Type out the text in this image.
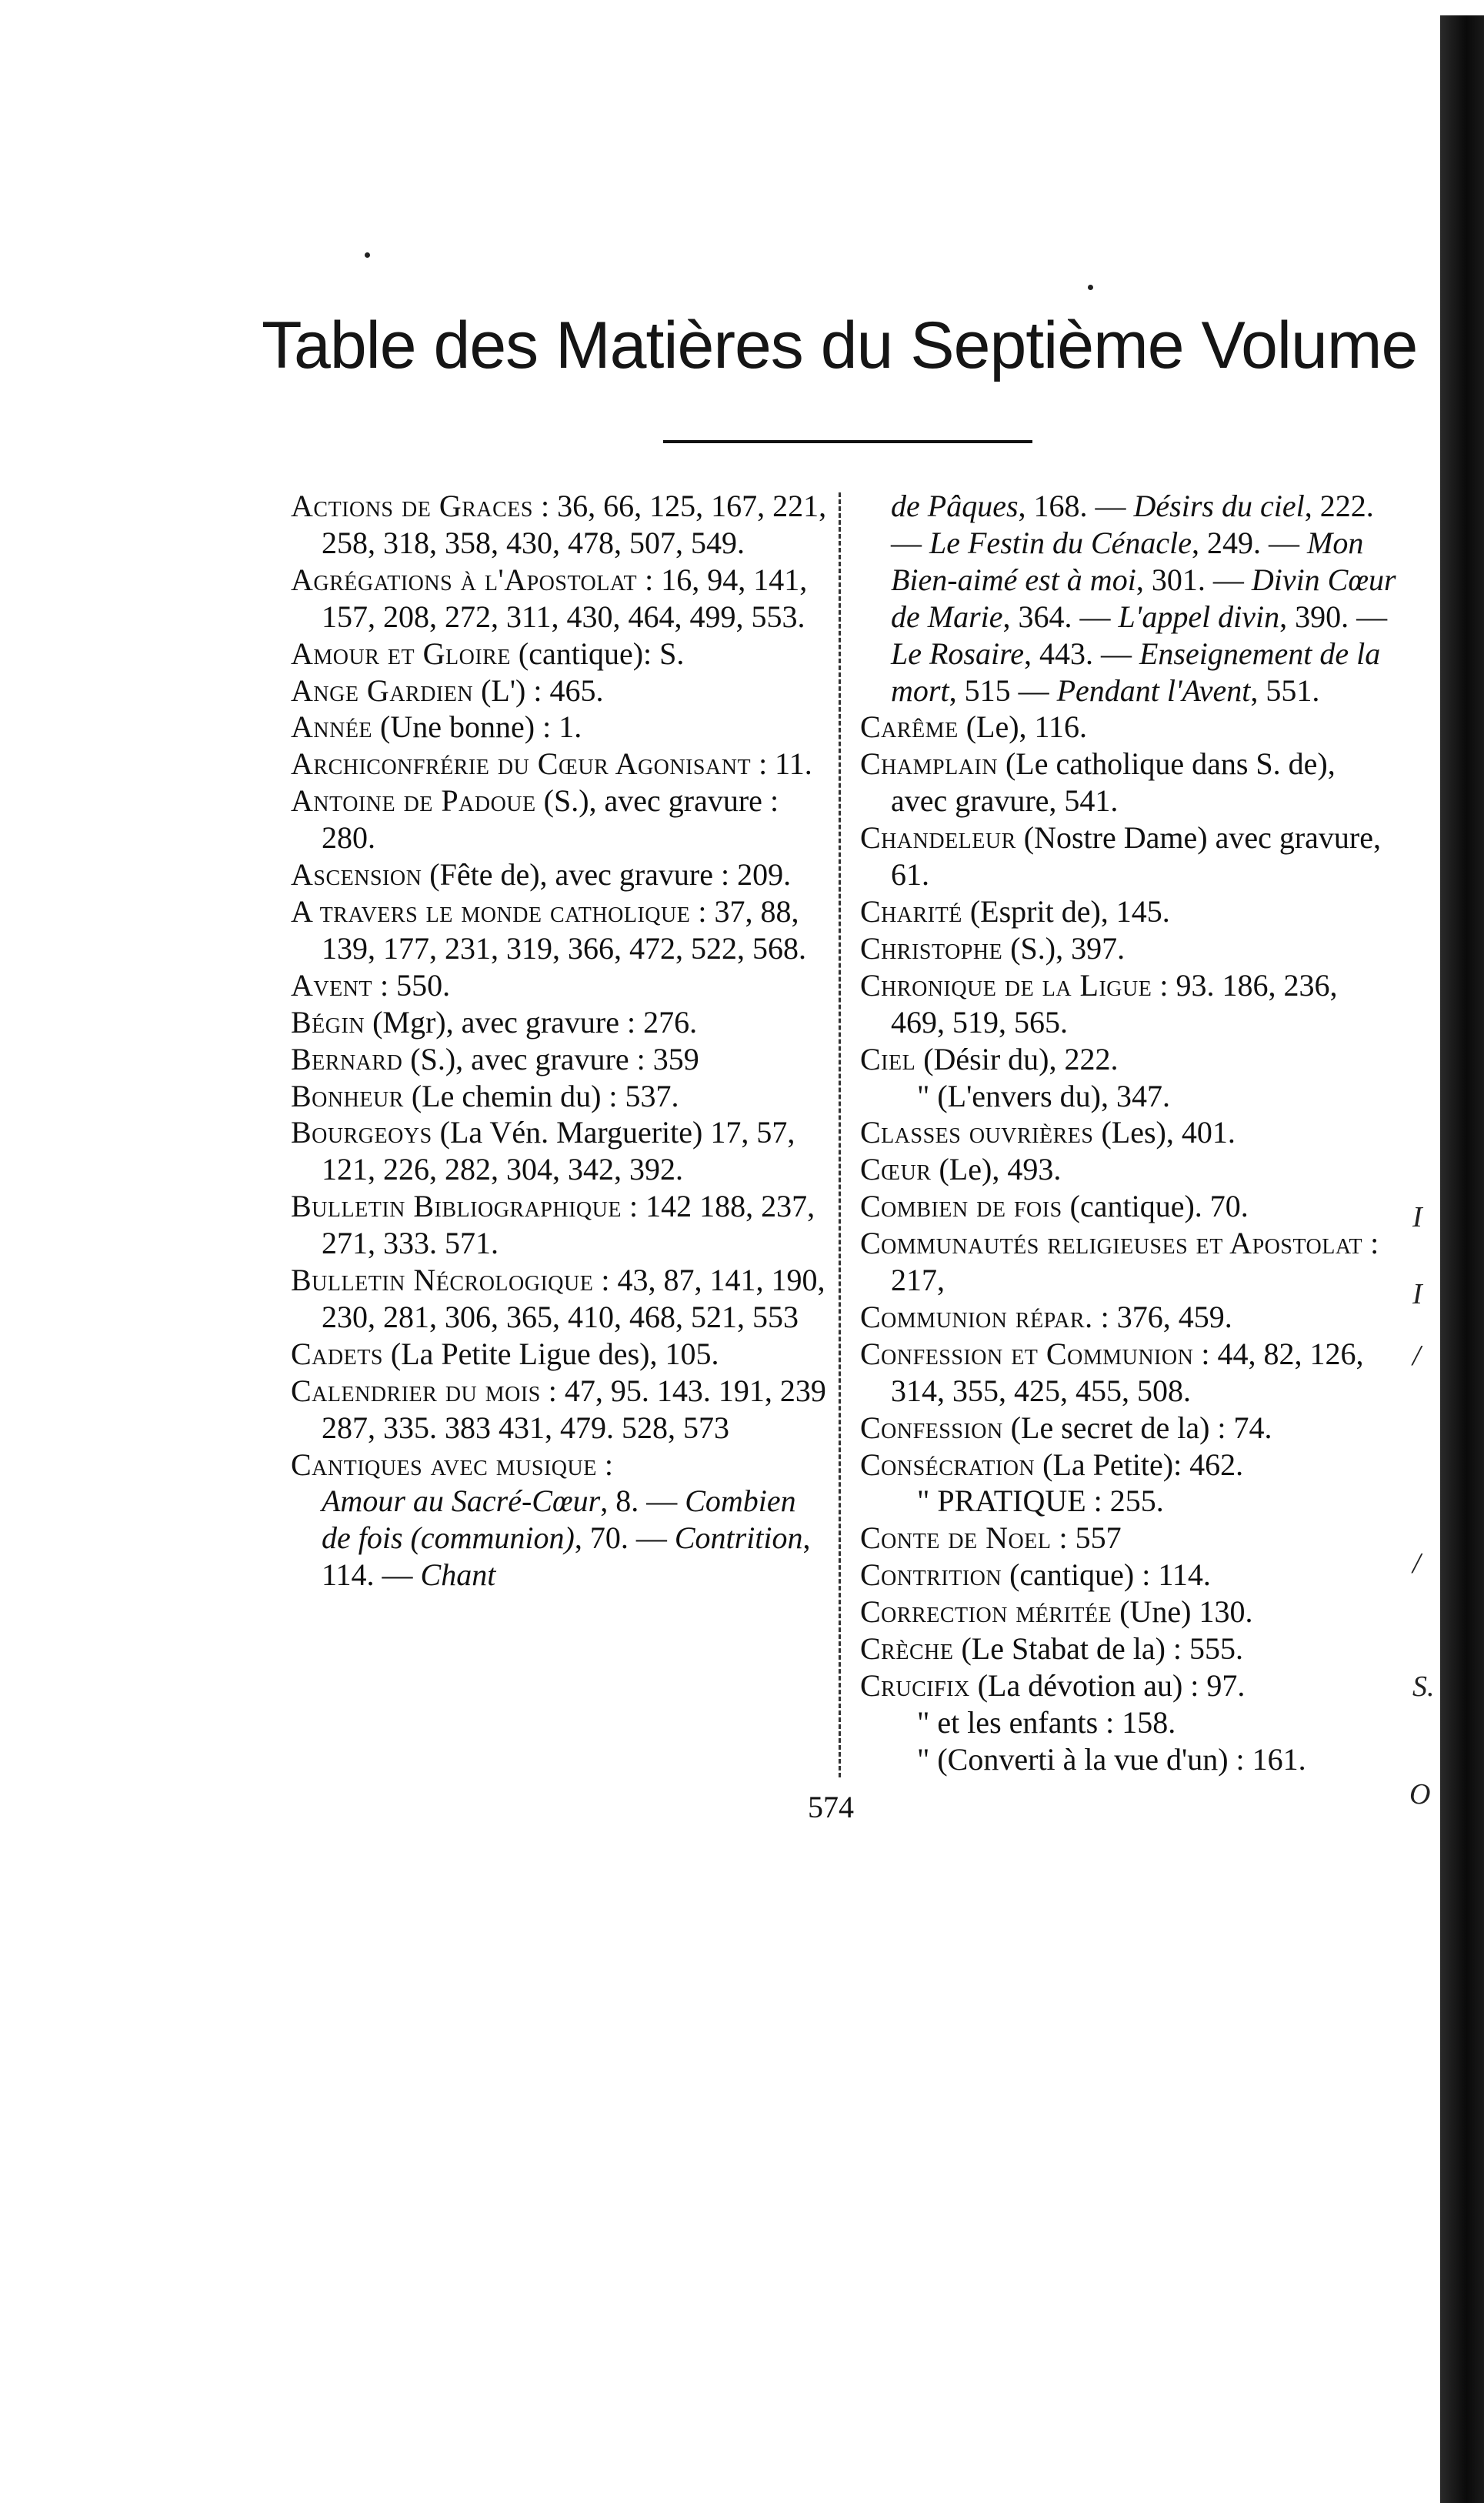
Table des Matières du Septième Volume

Actions de Graces : 36, 66, 125, 167, 221, 258, 318, 358, 430, 478, 507, 549.

Agrégations à l'Apostolat : 16, 94, 141, 157, 208, 272, 311, 430, 464, 499, 553.

Amour et Gloire (cantique): S.

Ange Gardien (L') : 465.

Année (Une bonne) : 1.

Archiconfrérie du Cœur Agonisant : 11.

Antoine de Padoue (S.), avec gravure : 280.

Ascension (Fête de), avec gravure : 209.

A travers le monde catholique : 37, 88, 139, 177, 231, 319, 366, 472, 522, 568.

Avent : 550.

Bégin (Mgr), avec gravure : 276.

Bernard (S.), avec gravure : 359

Bonheur (Le chemin du) : 537.

Bourgeoys (La Vén. Marguerite) 17, 57, 121, 226, 282, 304, 342, 392.

Bulletin Bibliographique : 142 188, 237, 271, 333. 571.

Bulletin Nécrologique : 43, 87, 141, 190, 230, 281, 306, 365, 410, 468, 521, 553

Cadets (La Petite Ligue des), 105.

Calendrier du mois : 47, 95. 143. 191, 239 287, 335. 383 431, 479. 528, 573

Cantiques avec musique :

Amour au Sacré-Cœur, 8. — Combien de fois (communion), 70. — Contrition, 114. — Chant

de Pâques, 168. — Désirs du ciel, 222. — Le Festin du Cénacle, 249. — Mon Bien-aimé est à moi, 301. — Divin Cœur de Marie, 364. — L'appel divin, 390. — Le Rosaire, 443. — Enseignement de la mort, 515 — Pendant l'Avent, 551.

Carême (Le), 116.

Champlain (Le catholique dans S. de), avec gravure, 541.

Chandeleur (Nostre Dame) avec gravure, 61.

Charité (Esprit de), 145.

Christophe (S.), 397.

Chronique de la Ligue : 93. 186, 236, 469, 519, 565.

Ciel (Désir du), 222.

" (L'envers du), 347.

Classes ouvrières (Les), 401.

Cœur (Le), 493.

Combien de fois (cantique). 70.

Communautés religieuses et Apostolat : 217,

Communion répar. : 376, 459.

Confession et Communion : 44, 82, 126, 314, 355, 425, 455, 508.

Confession (Le secret de la) : 74.

Consécration (La Petite): 462.

" PRATIQUE : 255.

Conte de Noel : 557

Contrition (cantique) : 114.

Correction méritée (Une) 130.

Crèche (Le Stabat de la) : 555.

Crucifix (La dévotion au) : 97.

" et les enfants : 158.

" (Converti à la vue d'un) : 161.

574
I
I
/
/
S.
O
